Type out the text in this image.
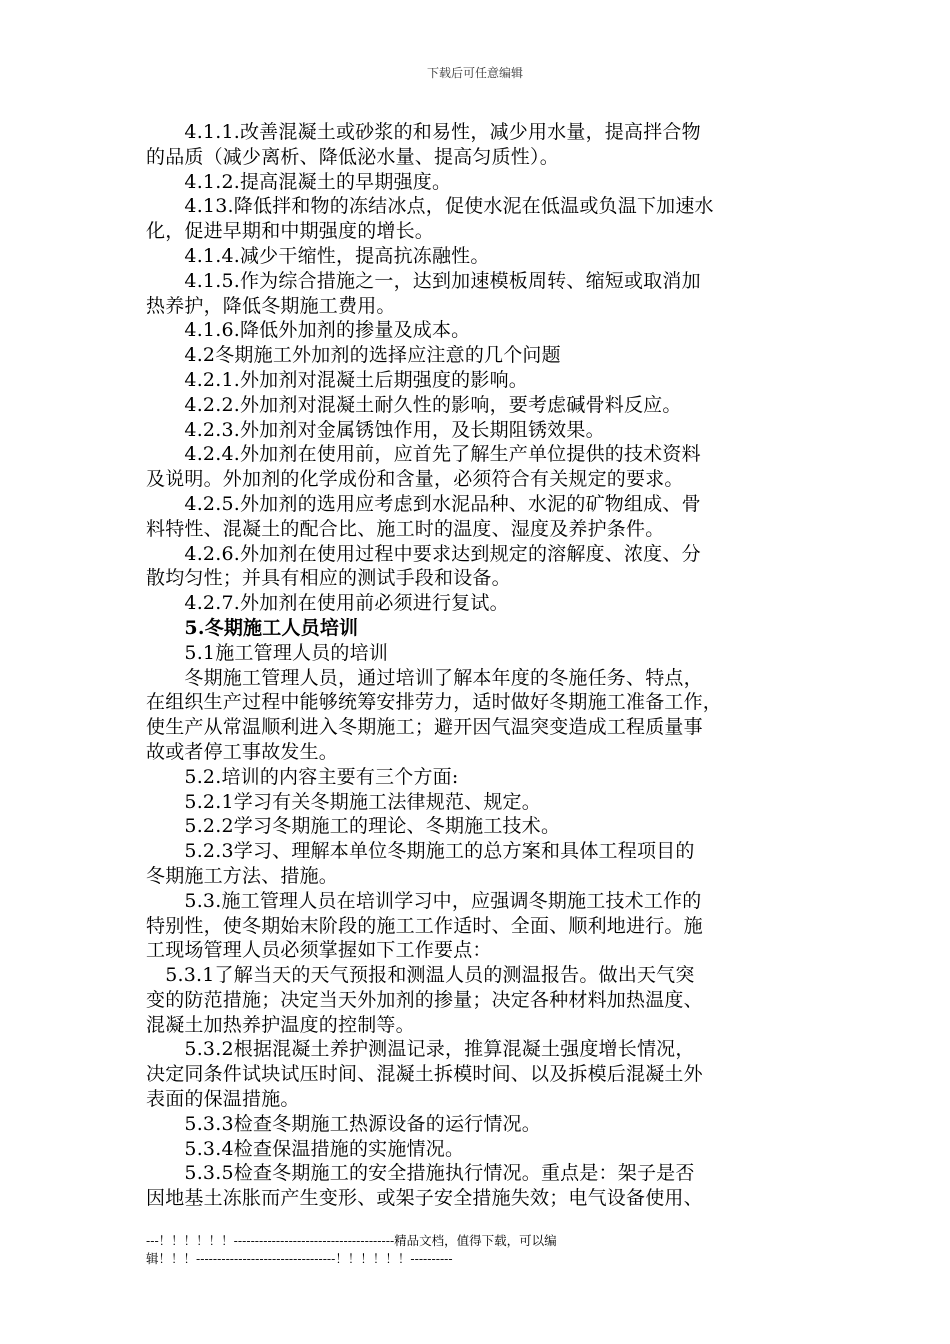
下载后可任意编辑
　　4.1.1.改善混凝土或砂浆的和易性，减少用水量，提高拌合物
的品质（减少离析、降低泌水量、提高匀质性）。
　　4.1.2.提高混凝土的早期强度。
　　4.13.降低拌和物的冻结冰点，促使水泥在低温或负温下加速水
化，促进早期和中期强度的增长。
　　4.1.4.减少干缩性，提高抗冻融性。
　　4.1.5.作为综合措施之一，达到加速模板周转、缩短或取消加
热养护，降低冬期施工费用。
　　4.1.6.降低外加剂的掺量及成本。
　　4.2冬期施工外加剂的选择应注意的几个问题
　　4.2.1.外加剂对混凝土后期强度的影响。
　　4.2.2.外加剂对混凝土耐久性的影响，要考虑碱骨料反应。
　　4.2.3.外加剂对金属锈蚀作用，及长期阻锈效果。
　　4.2.4.外加剂在使用前，应首先了解生产单位提供的技术资料
及说明。外加剂的化学成份和含量，必须符合有关规定的要求。
　　4.2.5.外加剂的选用应考虑到水泥品种、水泥的矿物组成、骨
料特性、混凝土的配合比、施工时的温度、湿度及养护条件。
　　4.2.6.外加剂在使用过程中要求达到规定的溶解度、浓度、分
散均匀性；并具有相应的测试手段和设备。
　　4.2.7.外加剂在使用前必须进行复试。
　　5.冬期施工人员培训
　　5.1施工管理人员的培训
　　冬期施工管理人员，通过培训了解本年度的冬施任务、特点，
在组织生产过程中能够统筹安排劳力，适时做好冬期施工准备工作，
使生产从常温顺利进入冬期施工；避开因气温突变造成工程质量事
故或者停工事故发生。
　　5.2.培训的内容主要有三个方面:
　　5.2.1学习有关冬期施工法律规范、规定。
　　5.2.2学习冬期施工的理论、冬期施工技术。
　　5.2.3学习、理解本单位冬期施工的总方案和具体工程项目的
冬期施工方法、措施。
　　5.3.施工管理人员在培训学习中，应强调冬期施工技术工作的
特别性，使冬期始末阶段的施工工作适时、全面、顺利地进行。施
工现场管理人员必须掌握如下工作要点：
　5.3.1了解当天的天气预报和测温人员的测温报告。做出天气突
变的防范措施；决定当天外加剂的掺量；决定各种材料加热温度、
混凝土加热养护温度的控制等。
　　5.3.2根据混凝土养护测温记录，推算混凝土强度增长情况，
决定同条件试块试压时间、混凝土拆模时间、以及拆模后混凝土外
表面的保温措施。
　　5.3.3检查冬期施工热源设备的运行情况。
　　5.3.4检查保温措施的实施情况。
　　5.3.5检查冬期施工的安全措施执行情况。重点是：架子是否
因地基土冻胀而产生变形、或架子安全措施失效；电气设备使用、
---！！！！！！--------------------------------------精品文档，值得下载，可以编
辑！！！---------------------------------！！！！！！----------
